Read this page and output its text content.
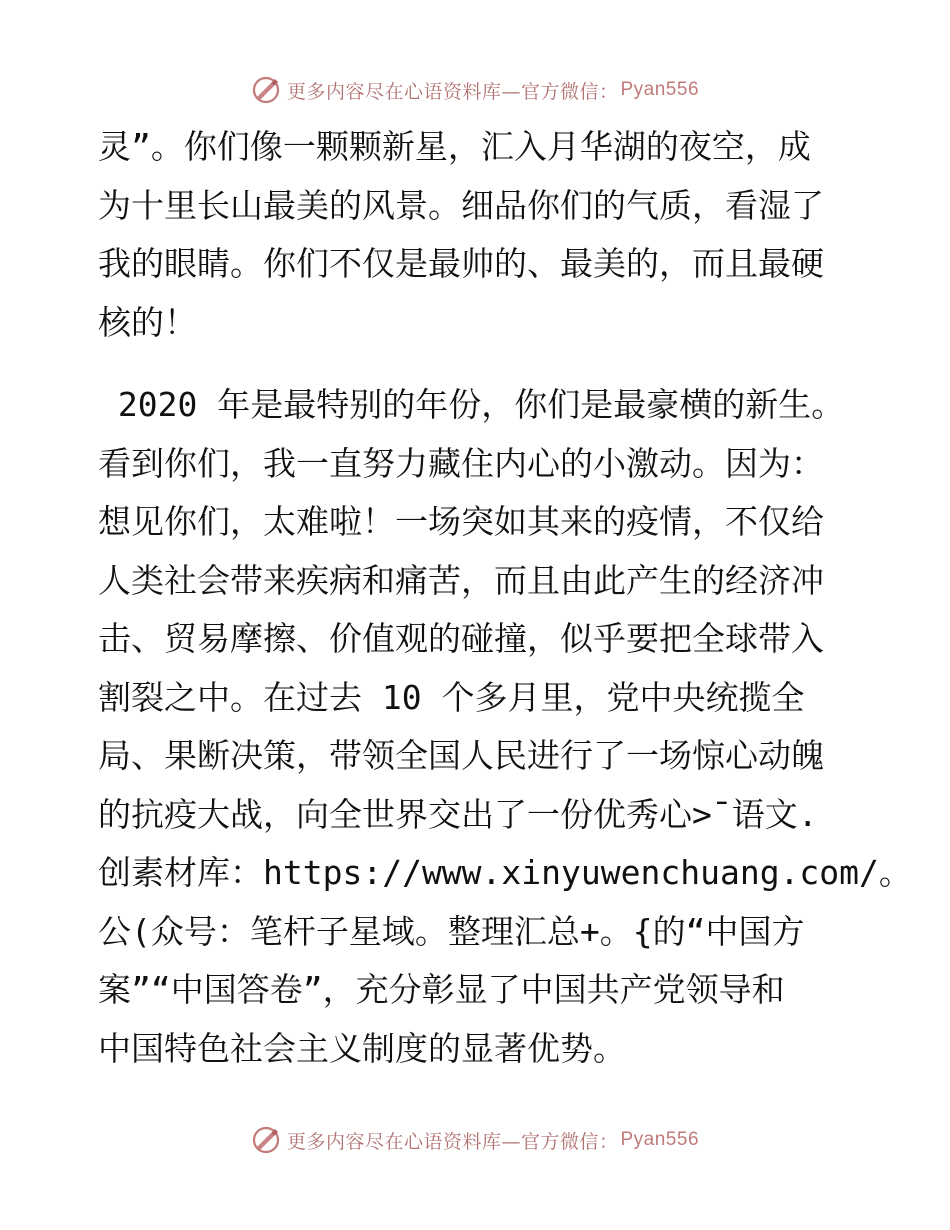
更多内容尽在心语资料库—官方微信： Pyan556
灵”。你们像一颗颗新星，汇入月华湖的夜空，成
为十里长山最美的风景。细品你们的气质，看湿了
我的眼睛。你们不仅是最帅的、最美的，而且最硬
核的！
2020 年是最特别的年份，你们是最豪横的新生。
看到你们，我一直努力藏住内心的小激动。因为：
想见你们，太难啦！一场突如其来的疫情，不仅给
人类社会带来疾病和痛苦，而且由此产生的经济冲
击、贸易摩擦、价值观的碰撞，似乎要把全球带入
割裂之中。在过去 10 个多月里，党中央统揽全
局、果断决策，带领全国人民进行了一场惊心动魄
的抗疫大战，向全世界交出了一份优秀心>¯语文.
创素材库：https://www.xinyuwenchuang.com/。
公(众号：笔杆子星域。整理汇总+。{的“中国方
案”“中国答卷”，充分彰显了中国共产党领导和
中国特色社会主义制度的显著优势。
更多内容尽在心语资料库—官方微信： Pyan556
